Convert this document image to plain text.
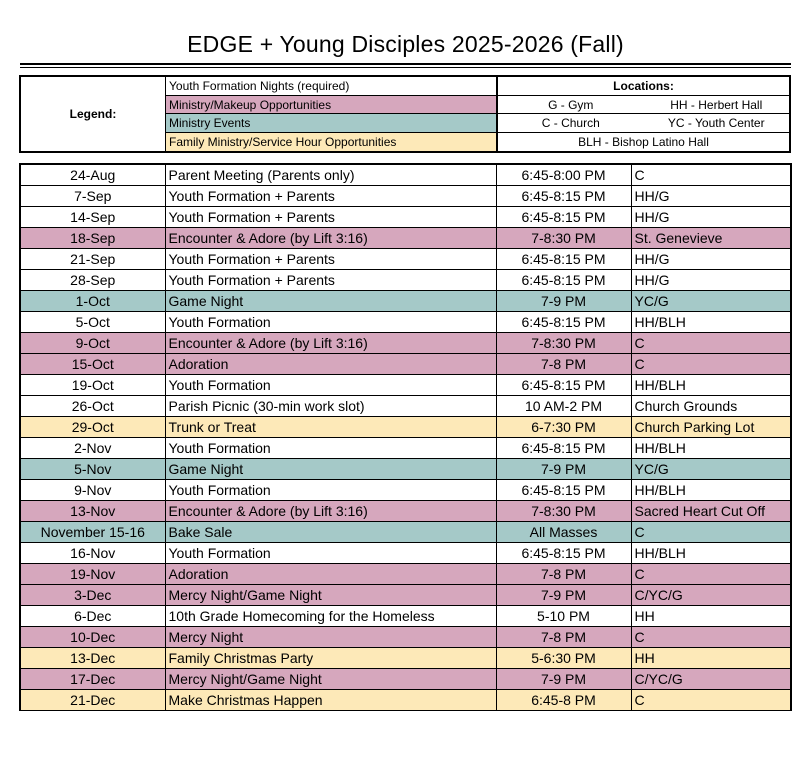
EDGE + Young Disciples 2025-2026 (Fall)
Legend:
Youth Formation Nights (required)
Ministry/Makeup Opportunities
Ministry Events
Family Ministry/Service Hour Opportunities
Locations:
G - Gym	HH - Herbert Hall
C - Church	YC - Youth Center
BLH - Bishop Latino Hall
24-Aug	Parent Meeting (Parents only)	6:45-8:00 PM	C
7-Sep	Youth Formation + Parents	6:45-8:15 PM	HH/G
14-Sep	Youth Formation + Parents	6:45-8:15 PM	HH/G
18-Sep	Encounter & Adore (by Lift 3:16)	7-8:30 PM	St. Genevieve
21-Sep	Youth Formation + Parents	6:45-8:15 PM	HH/G
28-Sep	Youth Formation + Parents	6:45-8:15 PM	HH/G
1-Oct	Game Night	7-9 PM	YC/G
5-Oct	Youth Formation	6:45-8:15 PM	HH/BLH
9-Oct	Encounter & Adore (by Lift 3:16)	7-8:30 PM	C
15-Oct	Adoration	7-8 PM	C
19-Oct	Youth Formation	6:45-8:15 PM	HH/BLH
26-Oct	Parish Picnic (30-min work slot)	10 AM-2 PM	Church Grounds
29-Oct	Trunk or Treat	6-7:30 PM	Church Parking Lot
2-Nov	Youth Formation	6:45-8:15 PM	HH/BLH
5-Nov	Game Night	7-9 PM	YC/G
9-Nov	Youth Formation	6:45-8:15 PM	HH/BLH
13-Nov	Encounter & Adore (by Lift 3:16)	7-8:30 PM	Sacred Heart Cut Off
November 15-16	Bake Sale	All Masses	C
16-Nov	Youth Formation	6:45-8:15 PM	HH/BLH
19-Nov	Adoration	7-8 PM	C
3-Dec	Mercy Night/Game Night	7-9 PM	C/YC/G
6-Dec	10th Grade Homecoming for the Homeless	5-10 PM	HH
10-Dec	Mercy Night	7-8 PM	C
13-Dec	Family Christmas Party	5-6:30 PM	HH
17-Dec	Mercy Night/Game Night	7-9 PM	C/YC/G
21-Dec	Make Christmas Happen	6:45-8 PM	C
